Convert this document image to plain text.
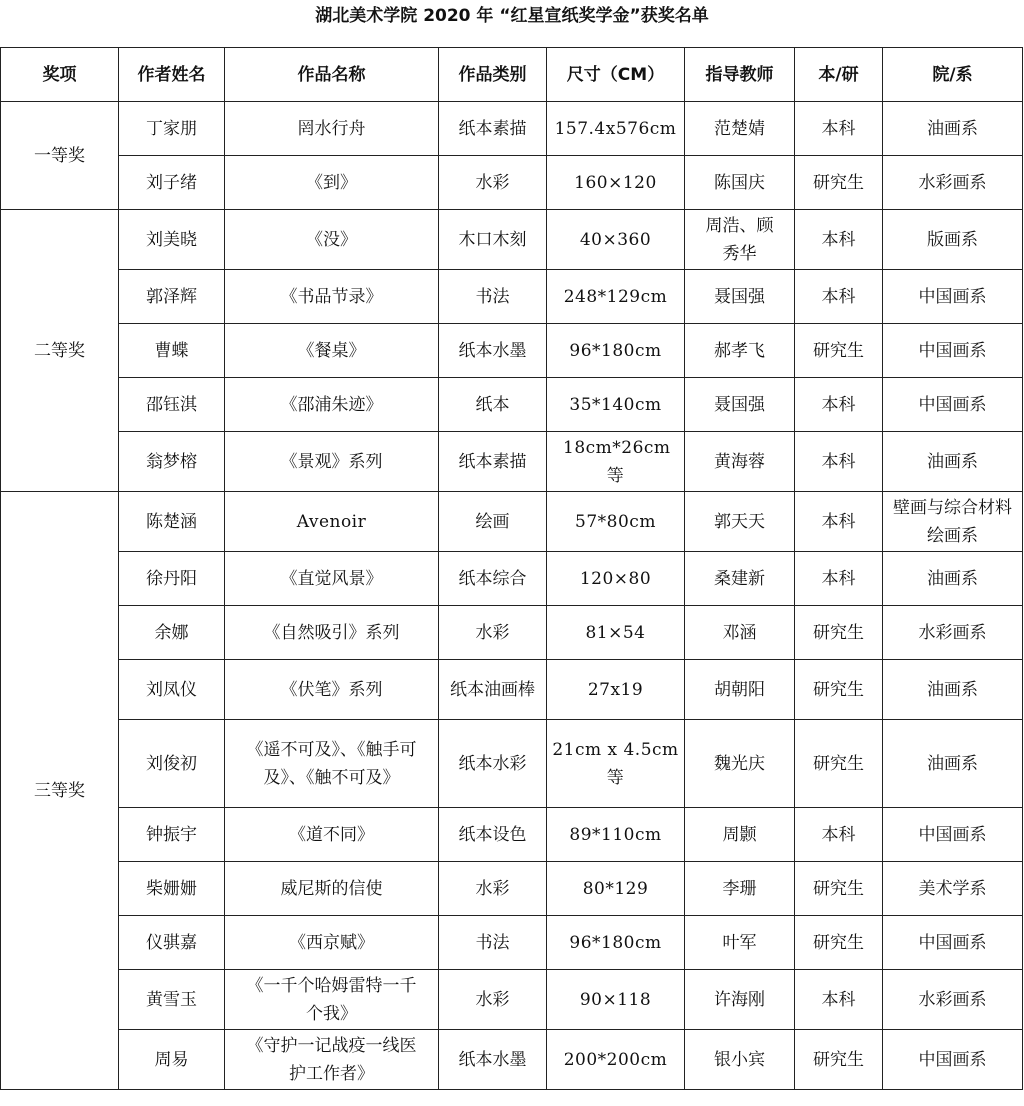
湖北美术学院 2020 年 “红星宣纸奖学金”获奖名单
奖项	作者姓名	作品名称	作品类别	尺寸（CM）	指导教师	本/研	院/系
一等奖	丁家朋	罔水行舟	纸本素描	157.4x576cm	范楚婧	本科	油画系
	刘子绪	《到》	水彩	160×120	陈国庆	研究生	水彩画系
二等奖	刘美晓	《没》	木口木刻	40×360	周浩、顾秀华	本科	版画系
	郭泽辉	《书品节录》	书法	248*129cm	聂国强	本科	中国画系
	曹蝶	《餐桌》	纸本水墨	96*180cm	郝孝飞	研究生	中国画系
	邵钰淇	《邵浦朱迹》	纸本	35*140cm	聂国强	本科	中国画系
	翁梦榕	《景观》系列	纸本素描	18cm*26cm等	黄海蓉	本科	油画系
三等奖	陈楚涵	Avenoir	绘画	57*80cm	郭天天	本科	壁画与综合材料绘画系
	徐丹阳	《直觉风景》	纸本综合	120×80	桑建新	本科	油画系
	余娜	《自然吸引》系列	水彩	81×54	邓涵	研究生	水彩画系
	刘凤仪	《伏笔》系列	纸本油画棒	27x19	胡朝阳	研究生	油画系
	刘俊初	《遥不可及》、《触手可及》、《触不可及》	纸本水彩	21cm x 4.5cm等	魏光庆	研究生	油画系
	钟振宇	《道不同》	纸本设色	89*110cm	周颢	本科	中国画系
	柴姗姗	威尼斯的信使	水彩	80*129	李珊	研究生	美术学系
	仪骐嘉	《西京赋》	书法	96*180cm	叶军	研究生	中国画系
	黄雪玉	《一千个哈姆雷特一千个我》	水彩	90×118	许海刚	本科	水彩画系
	周易	《守护一记战疫一线医护工作者》	纸本水墨	200*200cm	银小宾	研究生	中国画系
